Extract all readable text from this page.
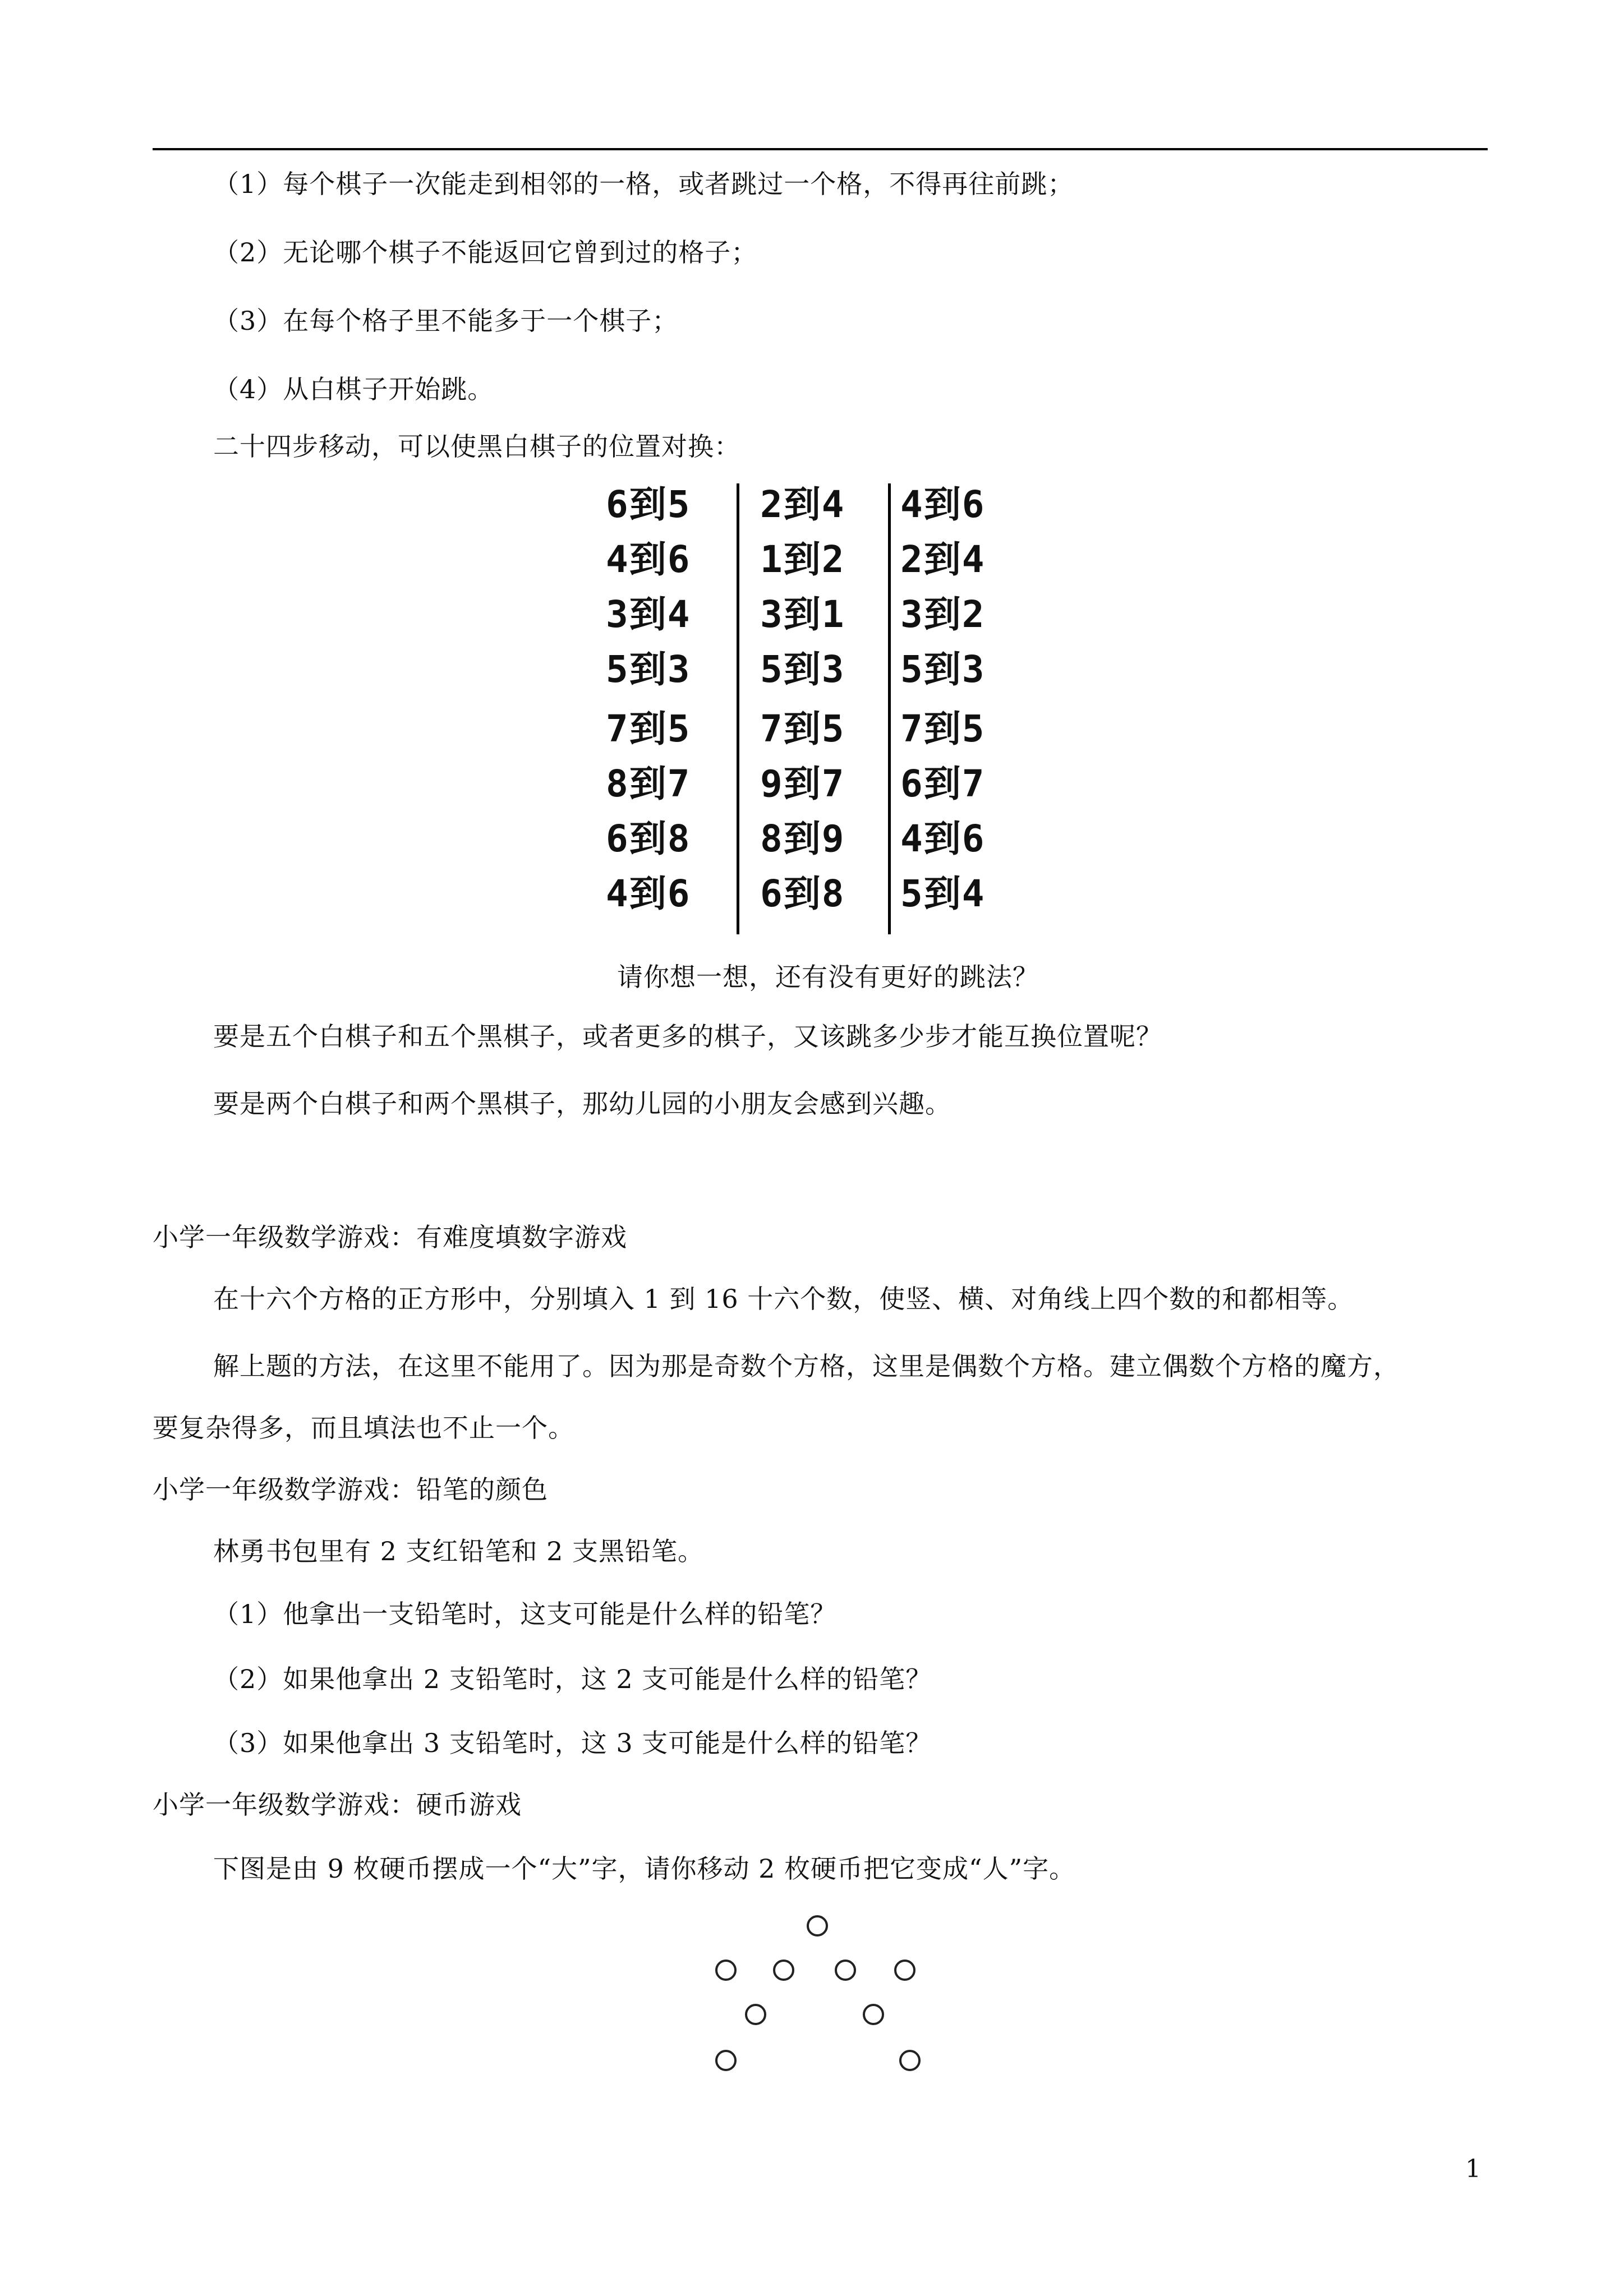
（1）每个棋子一次能走到相邻的一格，或者跳过一个格，不得再往前跳；
（2）无论哪个棋子不能返回它曾到过的格子；
（3）在每个格子里不能多于一个棋子；
（4）从白棋子开始跳。
二十四步移动，可以使黑白棋子的位置对换：
6到5
4到6
3到4
5到3
7到5
8到7
6到8
4到6
2到4
1到2
3到1
5到3
7到5
9到7
8到9
6到8
4到6
2到4
3到2
5到3
7到5
6到7
4到6
5到4
请你想一想，还有没有更好的跳法？
要是五个白棋子和五个黑棋子，或者更多的棋子，又该跳多少步才能互换位置呢？
要是两个白棋子和两个黑棋子，那幼儿园的小朋友会感到兴趣。
小学一年级数学游戏：有难度填数字游戏
在十六个方格的正方形中，分别填入 1 到 16 十六个数，使竖、横、对角线上四个数的和都相等。
解上题的方法，在这里不能用了。因为那是奇数个方格，这里是偶数个方格。建立偶数个方格的魔方，
要复杂得多，而且填法也不止一个。
小学一年级数学游戏：铅笔的颜色
林勇书包里有 2 支红铅笔和 2 支黑铅笔。
（1）他拿出一支铅笔时，这支可能是什么样的铅笔？
（2）如果他拿出 2 支铅笔时，这 2 支可能是什么样的铅笔？
（3）如果他拿出 3 支铅笔时，这 3 支可能是什么样的铅笔？
小学一年级数学游戏：硬币游戏
下图是由 9 枚硬币摆成一个“大”字，请你移动 2 枚硬币把它变成“人”字。
1
